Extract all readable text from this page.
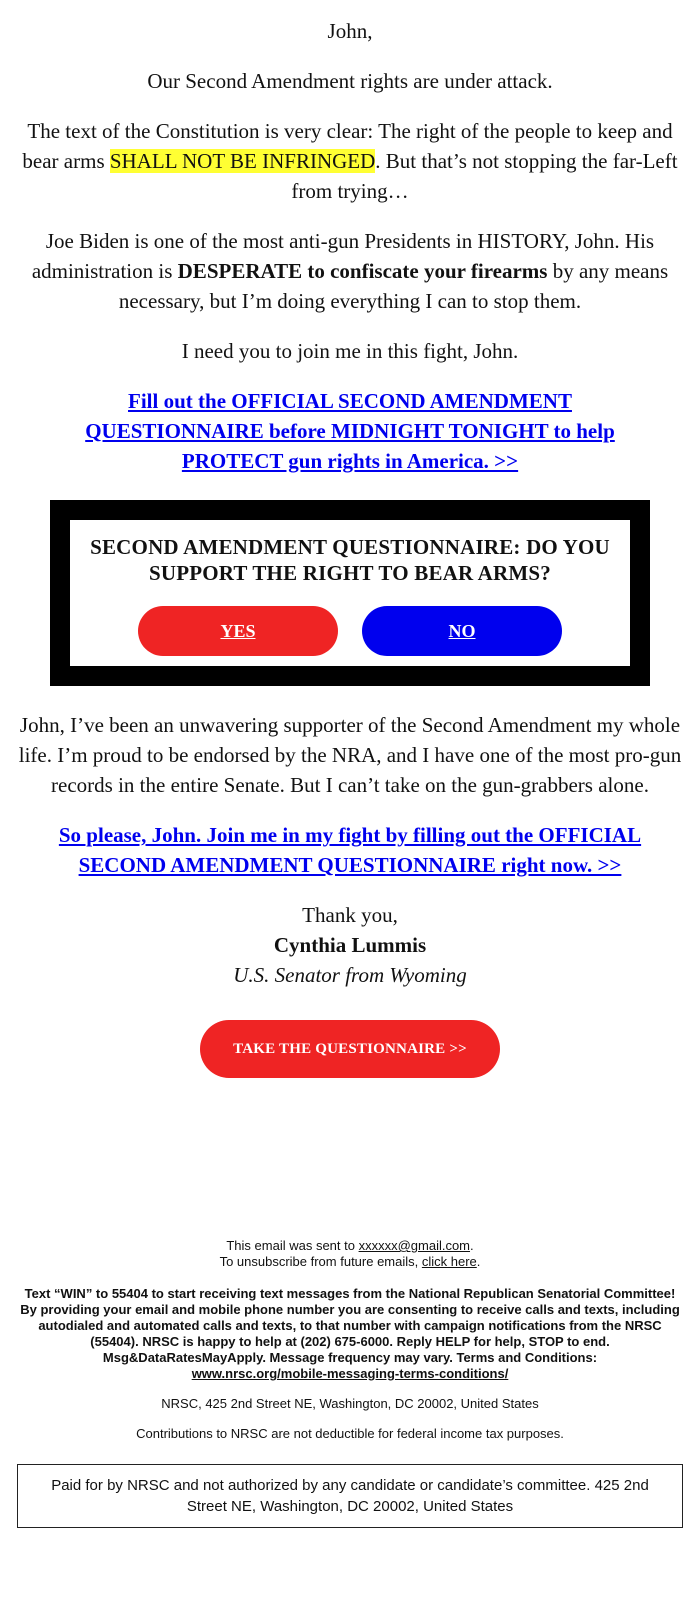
John,

Our Second Amendment rights are under attack.

The text of the Constitution is very clear: The right of the people to keep and bear arms SHALL NOT BE INFRINGED. But that’s not stopping the far-Left from trying…

Joe Biden is one of the most anti-gun Presidents in HISTORY, John. His administration is DESPERATE to confiscate your firearms by any means necessary, but I’m doing everything I can to stop them.

I need you to join me in this fight, John.

Fill out the OFFICIAL SECOND AMENDMENT QUESTIONNAIRE before MIDNIGHT TONIGHT to help PROTECT gun rights in America. >>

SECOND AMENDMENT QUESTIONNAIRE: DO YOU SUPPORT THE RIGHT TO BEAR ARMS?

YES	NO

John, I’ve been an unwavering supporter of the Second Amendment my whole life. I’m proud to be endorsed by the NRA, and I have one of the most pro-gun records in the entire Senate. But I can’t take on the gun-grabbers alone.

So please, John. Join me in my fight by filling out the OFFICIAL SECOND AMENDMENT QUESTIONNAIRE right now. >>

Thank you,
Cynthia Lummis
U.S. Senator from Wyoming
TAKE THE QUESTIONNAIRE >>
This email was sent to xxxxxx@gmail.com.
To unsubscribe from future emails, click here.
Text “WIN” to 55404 to start receiving text messages from the National Republican Senatorial Committee! By providing your email and mobile phone number you are consenting to receive calls and texts, including autodialed and automated calls and texts, to that number with campaign notifications from the NRSC (55404). NRSC is happy to help at (202) 675-6000. Reply HELP for help, STOP to end. Msg&DataRatesMayApply. Message frequency may vary. Terms and Conditions:
www.nrsc.org/mobile-messaging-terms-conditions/
NRSC, 425 2nd Street NE, Washington, DC 20002, United States
Contributions to NRSC are not deductible for federal income tax purposes.
Paid for by NRSC and not authorized by any candidate or candidate’s committee. 425 2nd Street NE, Washington, DC 20002, United States
